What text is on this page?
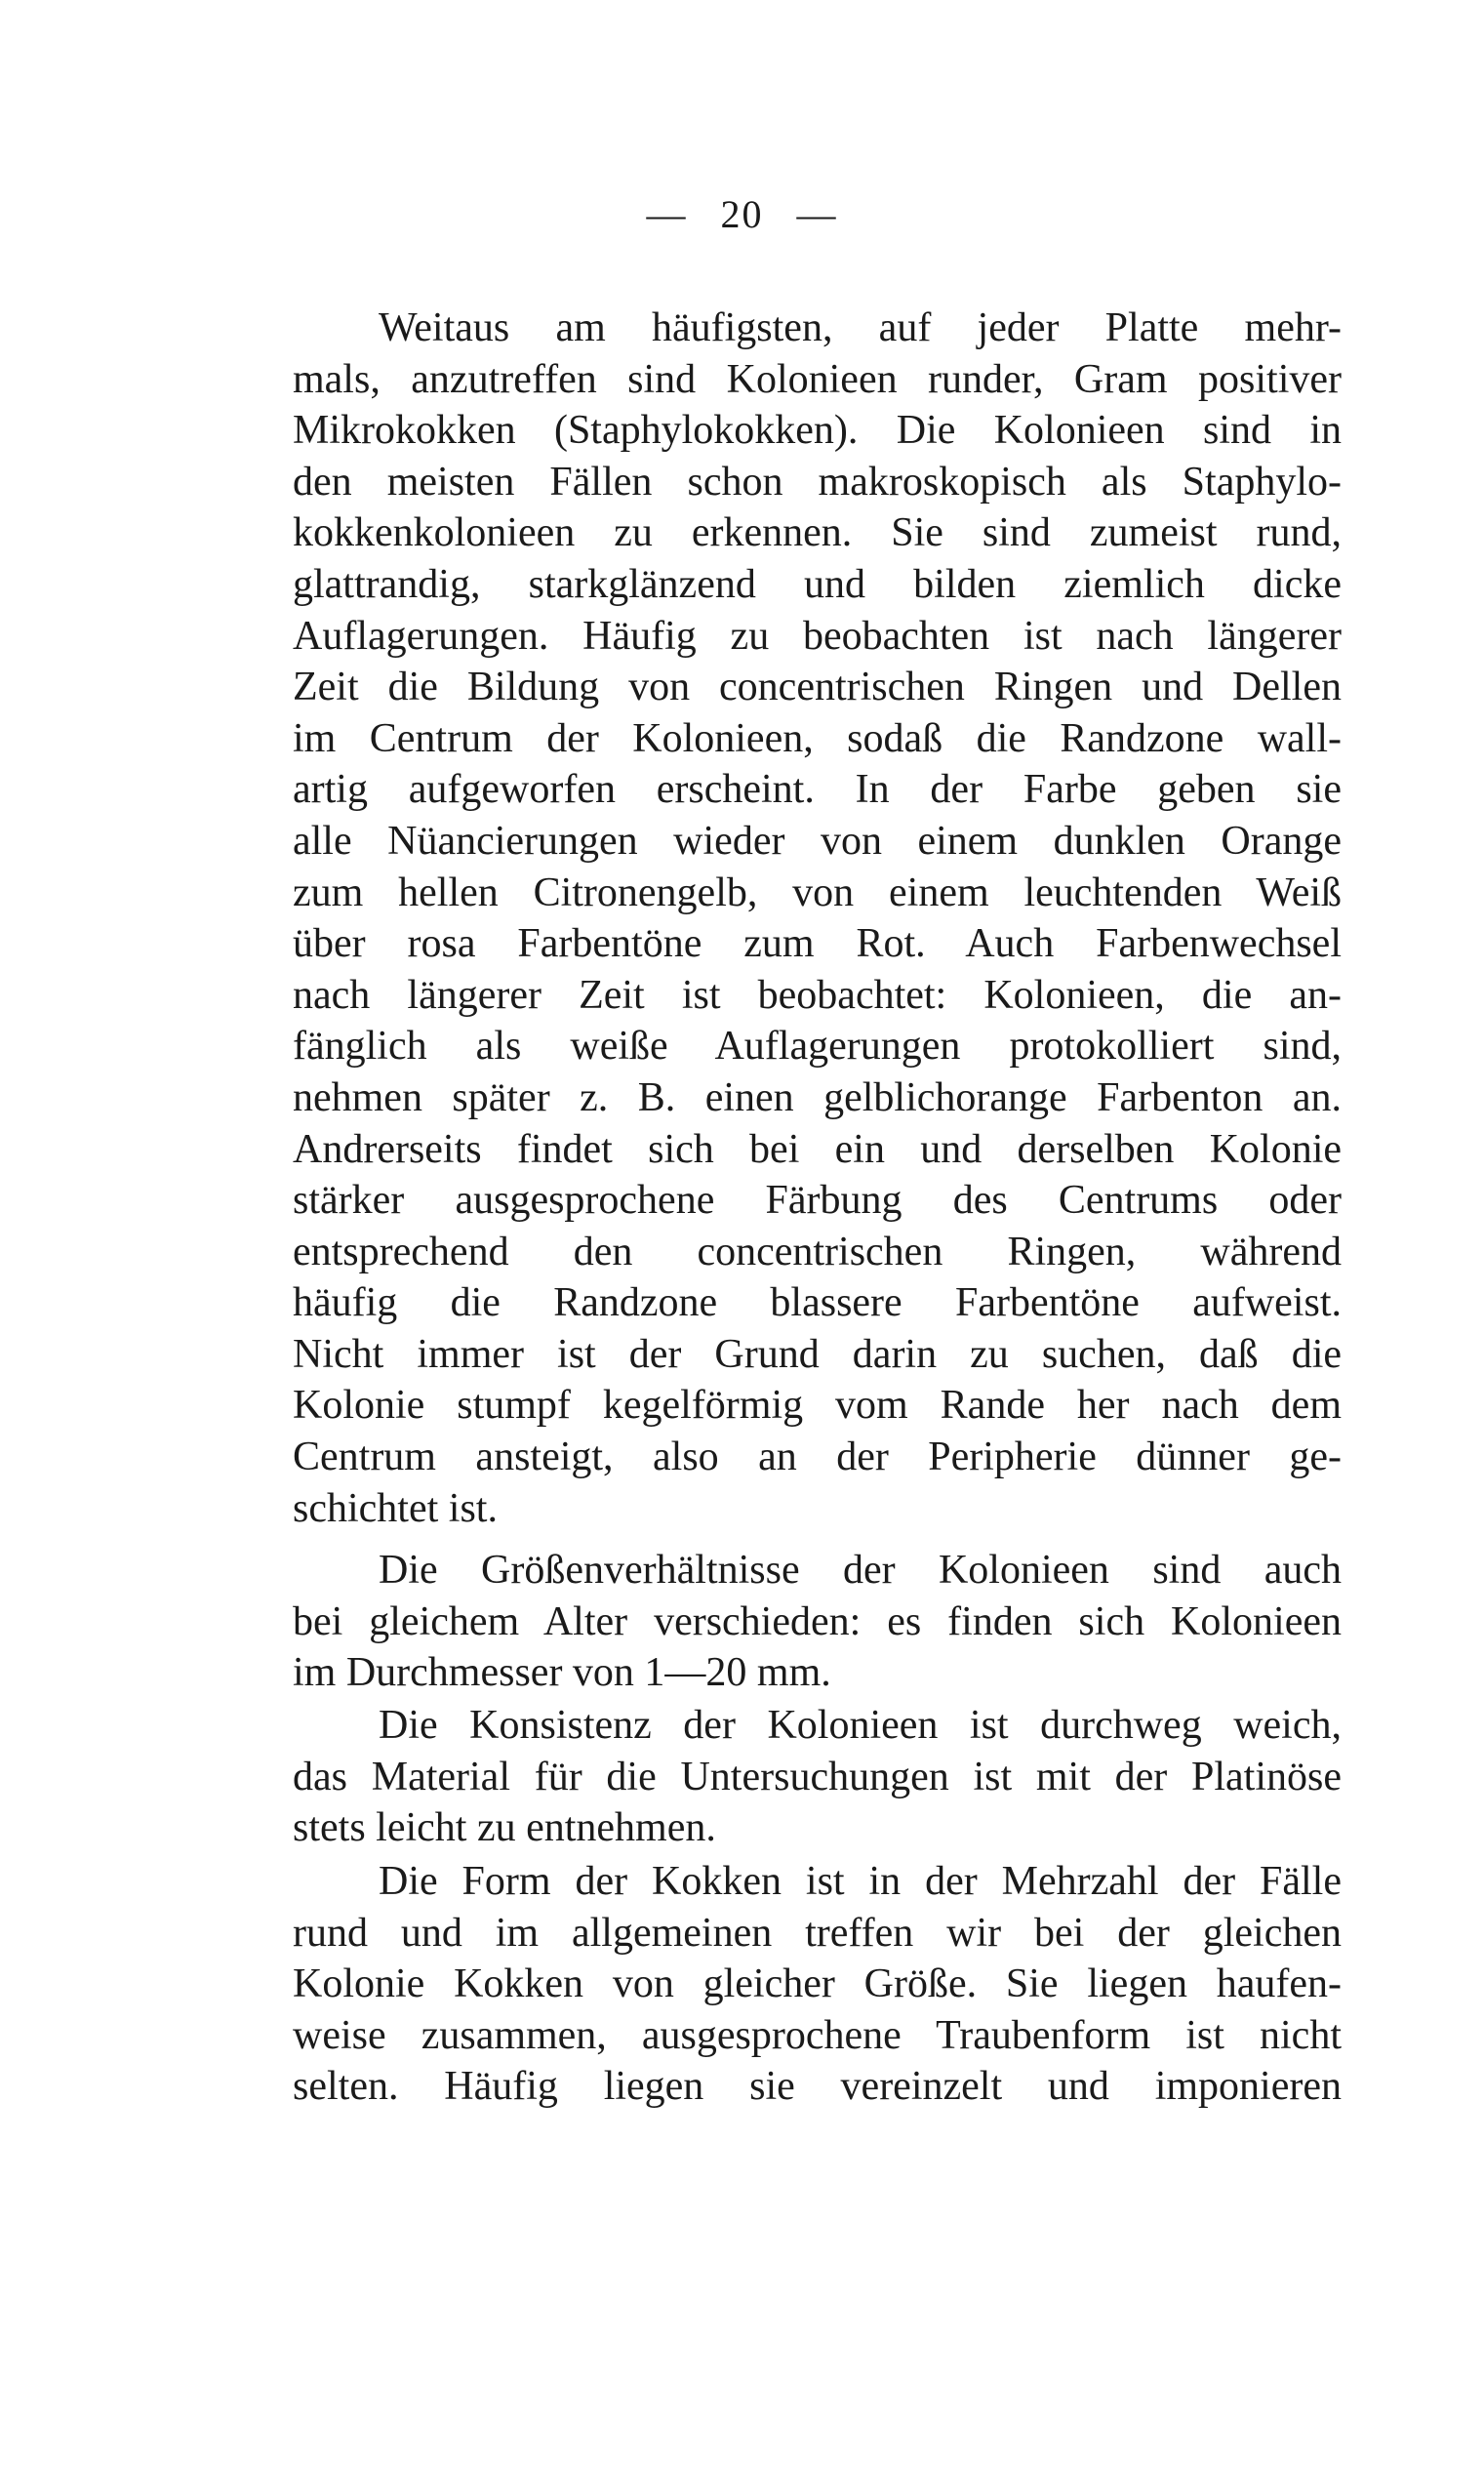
— 20 —
Weitaus am häufigsten, auf jeder Platte mehr-
mals, anzutreffen sind Kolonieen runder, Gram positiver
Mikrokokken (Staphylokokken). Die Kolonieen sind in
den meisten Fällen schon makroskopisch als Staphylo-
kokkenkolonieen zu erkennen. Sie sind zumeist rund,
glattrandig, starkglänzend und bilden ziemlich dicke
Auflagerungen. Häufig zu beobachten ist nach längerer
Zeit die Bildung von concentrischen Ringen und Dellen
im Centrum der Kolonieen, sodaß die Randzone wall-
artig aufgeworfen erscheint. In der Farbe geben sie
alle Nüancierungen wieder von einem dunklen Orange
zum hellen Citronengelb, von einem leuchtenden Weiß
über rosa Farbentöne zum Rot. Auch Farbenwechsel
nach längerer Zeit ist beobachtet: Kolonieen, die an-
fänglich als weiße Auflagerungen protokolliert sind,
nehmen später z. B. einen gelblichorange Farbenton an.
Andrerseits findet sich bei ein und derselben Kolonie
stärker ausgesprochene Färbung des Centrums oder
entsprechend den concentrischen Ringen, während
häufig die Randzone blassere Farbentöne aufweist.
Nicht immer ist der Grund darin zu suchen, daß die
Kolonie stumpf kegelförmig vom Rande her nach dem
Centrum ansteigt, also an der Peripherie dünner ge-
schichtet ist.
Die Größenverhältnisse der Kolonieen sind auch
bei gleichem Alter verschieden: es finden sich Kolonieen
im Durchmesser von 1—20 mm.
Die Konsistenz der Kolonieen ist durchweg weich,
das Material für die Untersuchungen ist mit der Platinöse
stets leicht zu entnehmen.
Die Form der Kokken ist in der Mehrzahl der Fälle
rund und im allgemeinen treffen wir bei der gleichen
Kolonie Kokken von gleicher Größe. Sie liegen haufen-
weise zusammen, ausgesprochene Traubenform ist nicht
selten. Häufig liegen sie vereinzelt und imponieren
